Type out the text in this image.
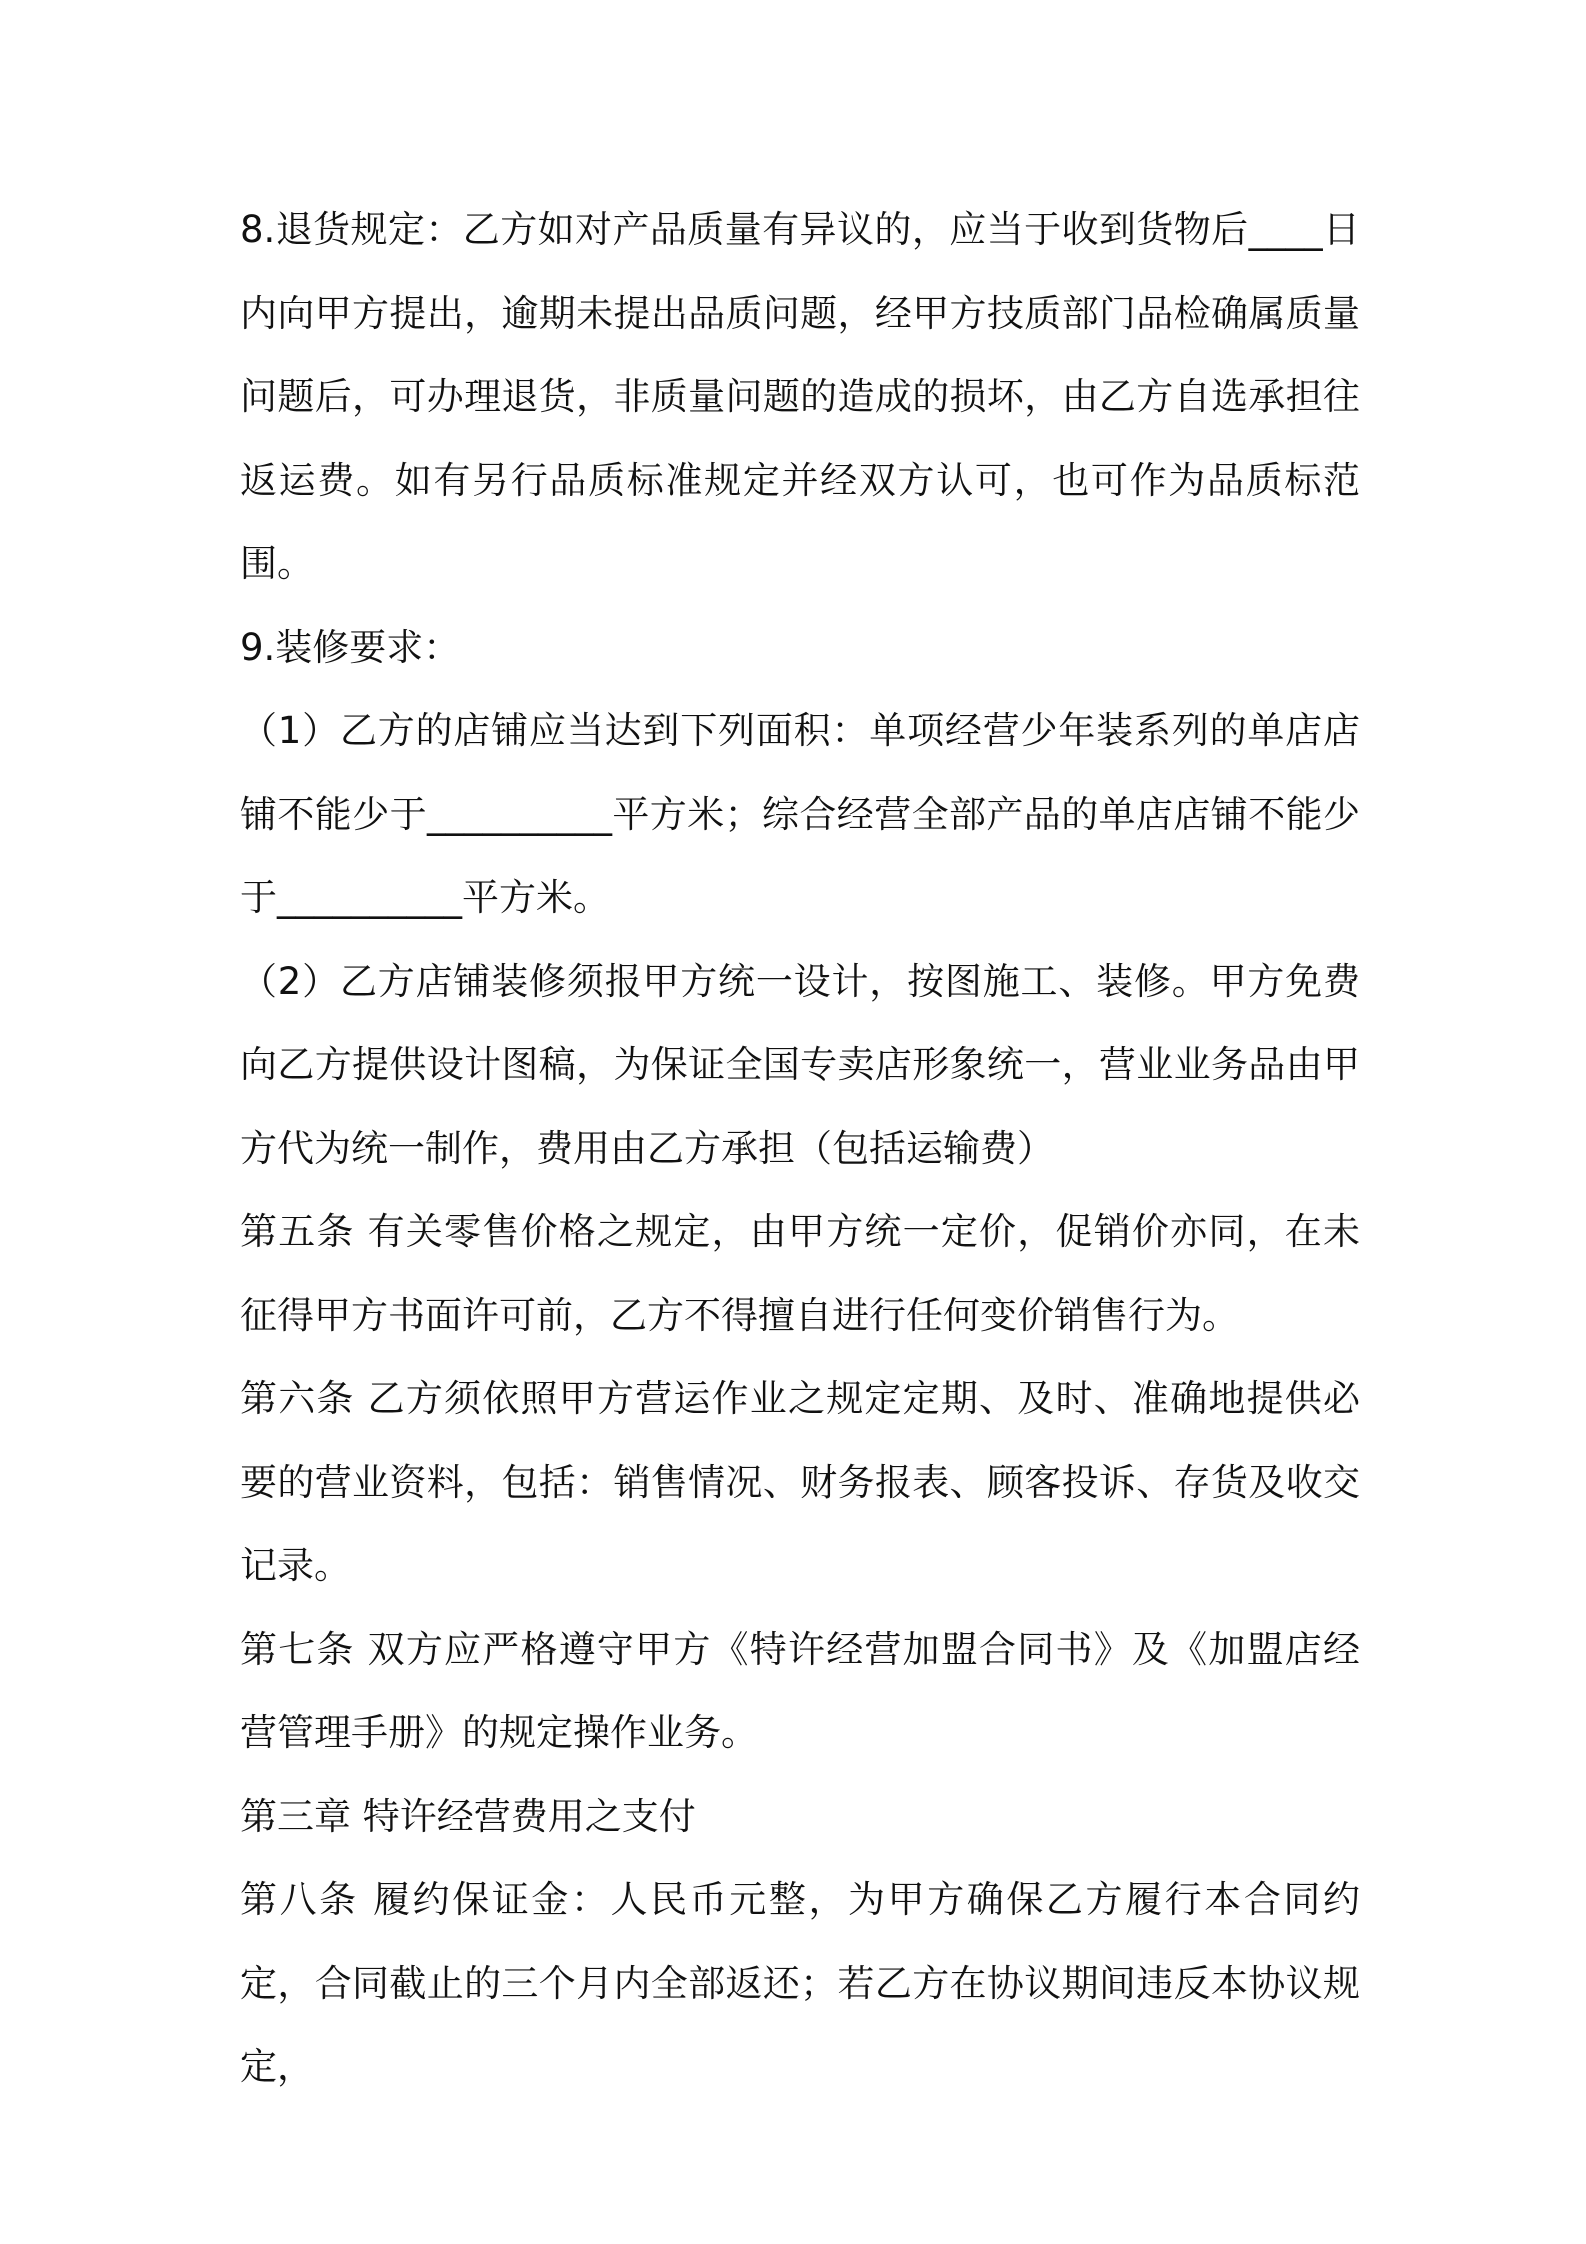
8.退货规定：乙方如对产品质量有异议的，应当于收到货物后____日内向甲方提出，逾期未提出品质问题，经甲方技质部门品检确属质量问题后，可办理退货，非质量问题的造成的损坏，由乙方自选承担往返运费。如有另行品质标准规定并经双方认可，也可作为品质标范围。

9.装修要求：

（1）乙方的店铺应当达到下列面积：单项经营少年装系列的单店店铺不能少于__________平方米；综合经营全部产品的单店店铺不能少于__________平方米。

（2）乙方店铺装修须报甲方统一设计，按图施工、装修。甲方免费向乙方提供设计图稿，为保证全国专卖店形象统一，营业业务品由甲方代为统一制作，费用由乙方承担（包括运输费）

第五条 有关零售价格之规定，由甲方统一定价，促销价亦同，在未征得甲方书面许可前，乙方不得擅自进行任何变价销售行为。

第六条 乙方须依照甲方营运作业之规定定期、及时、准确地提供必要的营业资料，包括：销售情况、财务报表、顾客投诉、存货及收交记录。

第七条 双方应严格遵守甲方《特许经营加盟合同书》及《加盟店经营管理手册》的规定操作业务。

第三章 特许经营费用之支付

第八条 履约保证金：人民币元整，为甲方确保乙方履行本合同约定，合同截止的三个月内全部返还；若乙方在协议期间违反本协议规定，
